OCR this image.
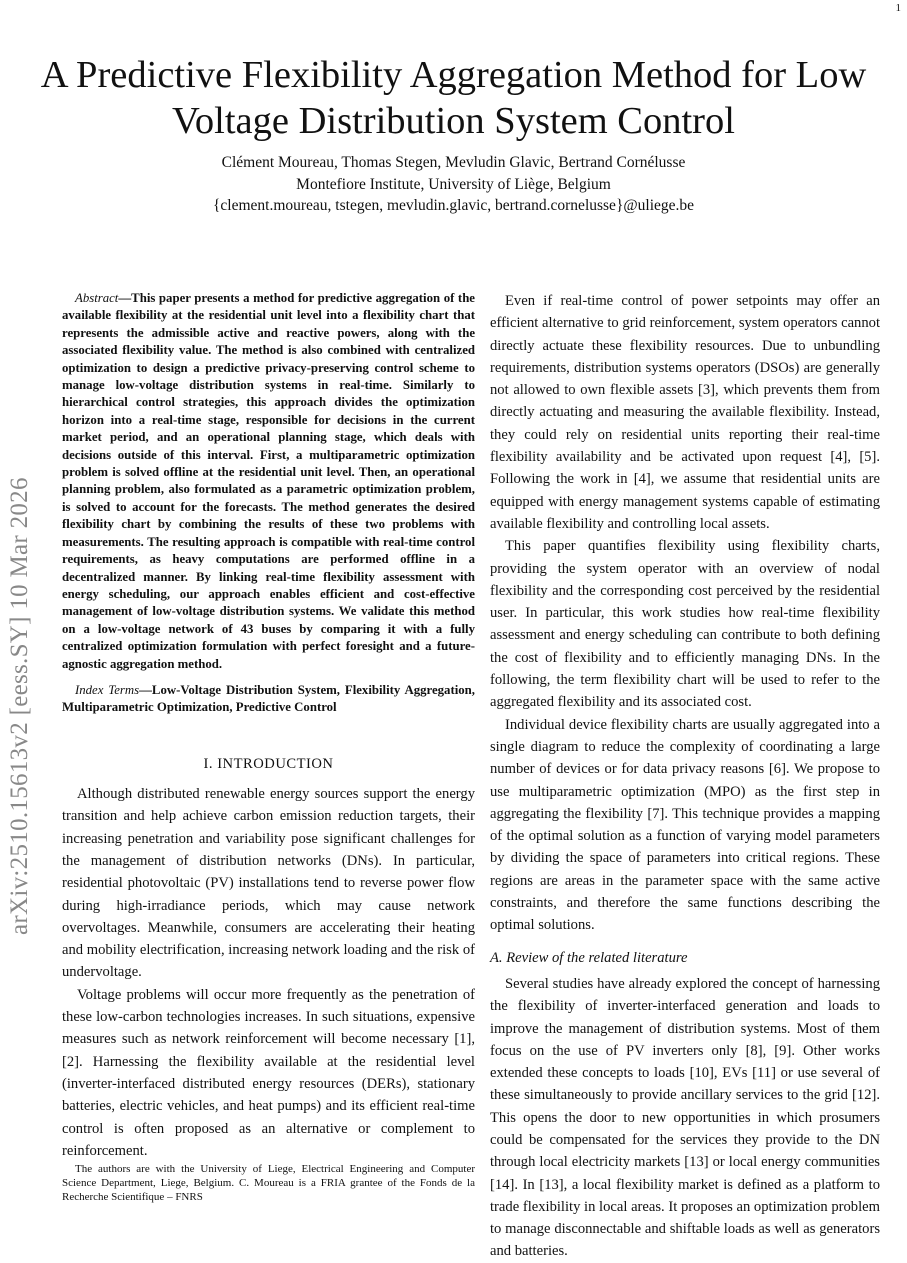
1
A Predictive Flexibility Aggregation Method for Low Voltage Distribution System Control
Clément Moureau, Thomas Stegen, Mevludin Glavic, Bertrand Cornélusse
Montefiore Institute, University of Liège, Belgium
{clement.moureau, tstegen, mevludin.glavic, bertrand.cornelusse}@uliege.be
arXiv:2510.15613v2 [eess.SY] 10 Mar 2026
Abstract—This paper presents a method for predictive aggregation of the available flexibility at the residential unit level into a flexibility chart that represents the admissible active and reactive powers, along with the associated flexibility value. The method is also combined with centralized optimization to design a predictive privacy-preserving control scheme to manage low-voltage distribution systems in real-time. Similarly to hierarchical control strategies, this approach divides the optimization horizon into a real-time stage, responsible for decisions in the current market period, and an operational planning stage, which deals with decisions outside of this interval. First, a multiparametric optimization problem is solved offline at the residential unit level. Then, an operational planning problem, also formulated as a parametric optimization problem, is solved to account for the forecasts. The method generates the desired flexibility chart by combining the results of these two problems with measurements. The resulting approach is compatible with real-time control requirements, as heavy computations are performed offline in a decentralized manner. By linking real-time flexibility assessment with energy scheduling, our approach enables efficient and cost-effective management of low-voltage distribution systems. We validate this method on a low-voltage network of 43 buses by comparing it with a fully centralized optimization formulation with perfect foresight and a future-agnostic aggregation method.
Index Terms—Low-Voltage Distribution System, Flexibility Aggregation, Multiparametric Optimization, Predictive Control
I. INTRODUCTION

Although distributed renewable energy sources support the energy transition and help achieve carbon emission reduction targets, their increasing penetration and variability pose significant challenges for the management of distribution networks (DNs). In particular, residential photovoltaic (PV) installations tend to reverse power flow during high-irradiance periods, which may cause network overvoltages. Meanwhile, consumers are accelerating their heating and mobility electrification, increasing network loading and the risk of undervoltage.

Voltage problems will occur more frequently as the penetration of these low-carbon technologies increases. In such situations, expensive measures such as network reinforcement will become necessary [1], [2]. Harnessing the flexibility available at the residential level (inverter-interfaced distributed energy resources (DERs), stationary batteries, electric vehicles, and heat pumps) and its efficient real-time control is often proposed as an alternative or complement to reinforcement.

Even if real-time control of power setpoints may offer an efficient alternative to grid reinforcement, system operators cannot directly actuate these flexibility resources. Due to unbundling requirements, distribution systems operators (DSOs) are generally not allowed to own flexible assets [3], which prevents them from directly actuating and measuring the available flexibility. Instead, they could rely on residential units reporting their real-time flexibility availability and be activated upon request [4], [5]. Following the work in [4], we assume that residential units are equipped with energy management systems capable of estimating available flexibility and controlling local assets.

This paper quantifies flexibility using flexibility charts, providing the system operator with an overview of nodal flexibility and the corresponding cost perceived by the residential user. In particular, this work studies how real-time flexibility assessment and energy scheduling can contribute to both defining the cost of flexibility and to efficiently managing DNs. In the following, the term flexibility chart will be used to refer to the aggregated flexibility and its associated cost.

Individual device flexibility charts are usually aggregated into a single diagram to reduce the complexity of coordinating a large number of devices or for data privacy reasons [6]. We propose to use multiparametric optimization (MPO) as the first step in aggregating the flexibility [7]. This technique provides a mapping of the optimal solution as a function of varying model parameters by dividing the space of parameters into critical regions. These regions are areas in the parameter space with the same active constraints, and therefore the same functions describing the optimal solutions.

A. Review of the related literature

Several studies have already explored the concept of harnessing the flexibility of inverter-interfaced generation and loads to improve the management of distribution systems. Most of them focus on the use of PV inverters only [8], [9]. Other works extended these concepts to loads [10], EVs [11] or use several of these simultaneously to provide ancillary services to the grid [12]. This opens the door to new opportunities in which prosumers could be compensated for the services they provide to the DN through local electricity markets [13] or local energy communities [14]. In [13], a local flexibility market is defined as a platform to trade flexibility in local areas. It proposes an optimization problem to manage disconnectable and shiftable loads as well as generators and batteries.

The authors are with the University of Liege, Electrical Engineering and Computer Science Department, Liege, Belgium. C. Moureau is a FRIA grantee of the Fonds de la Recherche Scientifique – FNRS
